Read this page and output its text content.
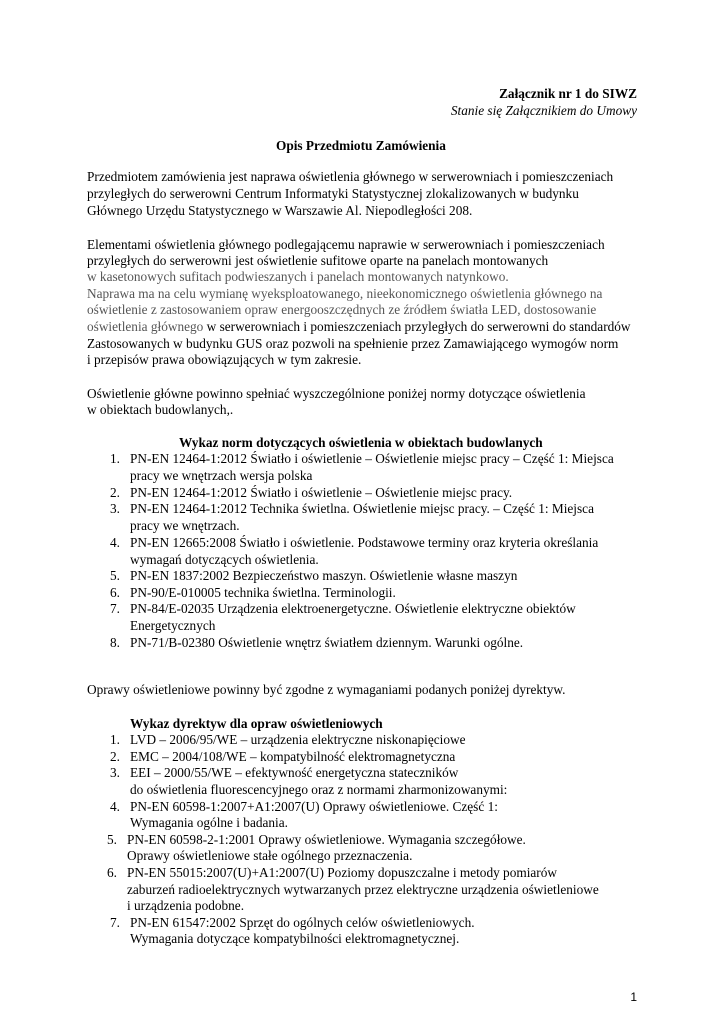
Załącznik nr 1 do SIWZ
Stanie się Załącznikiem do Umowy
Opis Przedmiotu Zamówienia
Przedmiotem zamówienia jest naprawa oświetlenia głównego w serwerowniach i pomieszczeniach
przyległych do serwerowni Centrum Informatyki Statystycznej zlokalizowanych w budynku
Głównego Urzędu Statystycznego w Warszawie Al. Niepodległości 208.
Elementami oświetlenia głównego podlegającemu naprawie w serwerowniach i pomieszczeniach
przyległych do serwerowni jest oświetlenie sufitowe oparte na panelach montowanych
w kasetonowych sufitach podwieszanych i panelach montowanych natynkowo.
Naprawa ma na celu wymianę wyeksploatowanego, nieekonomicznego oświetlenia głównego na
oświetlenie z zastosowaniem opraw energooszczędnych ze źródłem światła LED, dostosowanie
oświetlenia głównego w serwerowniach i pomieszczeniach przyległych do serwerowni do standardów
Zastosowanych w budynku GUS oraz pozwoli na spełnienie przez Zamawiającego wymogów norm
i przepisów prawa obowiązujących w tym zakresie.
Oświetlenie główne powinno spełniać wyszczególnione poniżej normy dotyczące oświetlenia
w obiektach budowlanych,.
Wykaz norm dotyczących oświetlenia w obiektach budowlanych
1. PN-EN 12464-1:2012 Światło i oświetlenie – Oświetlenie miejsc pracy – Część 1: Miejsca
pracy we wnętrzach wersja polska
2. PN-EN 12464-1:2012 Światło i oświetlenie – Oświetlenie miejsc pracy.
3. PN-EN 12464-1:2012 Technika świetlna. Oświetlenie miejsc pracy. – Część 1: Miejsca
pracy we wnętrzach.
4. PN-EN 12665:2008 Światło i oświetlenie. Podstawowe terminy oraz kryteria określania
wymagań dotyczących oświetlenia.
5. PN-EN 1837:2002 Bezpieczeństwo maszyn. Oświetlenie własne maszyn
6. PN-90/E-010005 technika świetlna. Terminologii.
7. PN-84/E-02035 Urządzenia elektroenergetyczne. Oświetlenie elektryczne obiektów
Energetycznych
8. PN-71/B-02380 Oświetlenie wnętrz światłem dziennym. Warunki ogólne.
Oprawy oświetleniowe powinny być zgodne z wymaganiami podanych poniżej dyrektyw.
Wykaz dyrektyw dla opraw oświetleniowych
1. LVD – 2006/95/WE – urządzenia elektryczne niskonapięciowe
2. EMC – 2004/108/WE – kompatybilność elektromagnetyczna
3. EEI – 2000/55/WE – efektywność energetyczna stateczników
do oświetlenia fluorescencyjnego oraz z normami zharmonizowanymi:
4. PN-EN 60598-1:2007+A1:2007(U) Oprawy oświetleniowe. Część 1:
Wymagania ogólne i badania.
5. PN-EN 60598-2-1:2001 Oprawy oświetleniowe. Wymagania szczegółowe.
Oprawy oświetleniowe stałe ogólnego przeznaczenia.
6. PN-EN 55015:2007(U)+A1:2007(U) Poziomy dopuszczalne i metody pomiarów
zaburzeń radioelektrycznych wytwarzanych przez elektryczne urządzenia oświetleniowe
i urządzenia podobne.
7. PN-EN 61547:2002 Sprzęt do ogólnych celów oświetleniowych.
Wymagania dotyczące kompatybilności elektromagnetycznej.
1
